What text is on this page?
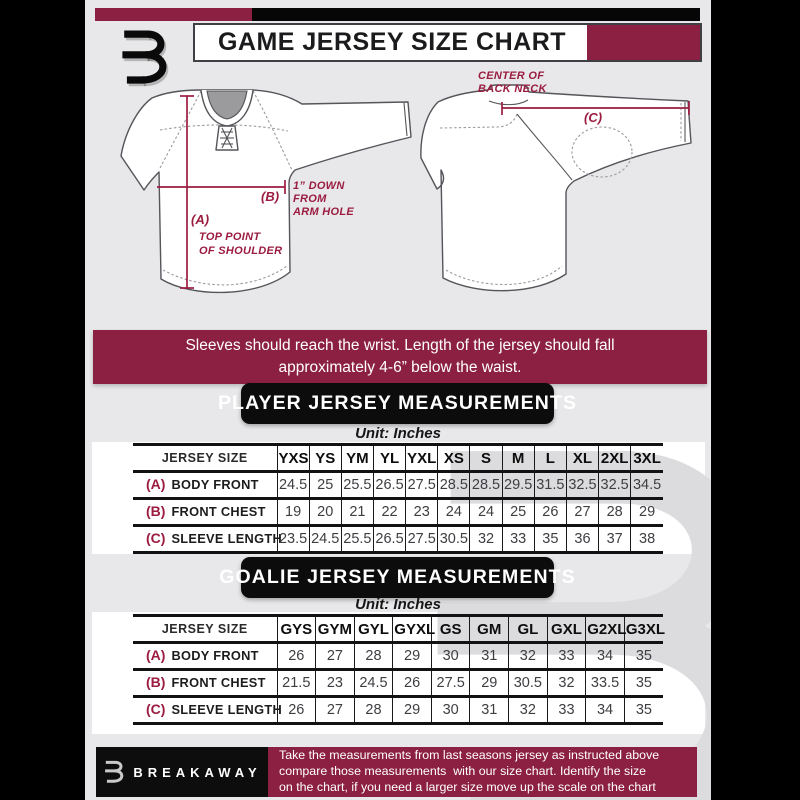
GAME JERSEY SIZE CHART
(A)
TOP POINT
OF SHOULDER
(B)
1” DOWN
FROM
ARM HOLE
(C)
CENTER OF
BACK NECK
Sleeves should reach the wrist. Length of the jersey should fall
approximately 4-6” below the waist.
PLAYER JERSEY MEASUREMENTS
Unit: Inches
JERSEY SIZE	YXS	YS	YM	YL	YXL	XS	S	M	L	XL	2XL	3XL
(A) BODY FRONT	24.5	25	25.5	26.5	27.5	28.5	28.5	29.5	31.5	32.5	32.5	34.5
(B) FRONT CHEST	19	20	21	22	23	24	24	25	26	27	28	29
(C) SLEEVE LENGTH	23.5	24.5	25.5	26.5	27.5	30.5	32	33	35	36	37	38
GOALIE JERSEY MEASUREMENTS
Unit: Inches
JERSEY SIZE	GYS	GYM	GYL	GYXL	GS	GM	GL	GXL	G2XL	G3XL
(A) BODY FRONT	26	27	28	29	30	31	32	33	34	35
(B) FRONT CHEST	21.5	23	24.5	26	27.5	29	30.5	32	33.5	35
(C) SLEEVE LENGTH	26	27	28	29	30	31	32	33	34	35
BREAKAWAY
Take the measurements from last seasons jersey as instructed above
compare those measurements  with our size chart. Identify the size
on the chart, if you need a larger size move up the scale on the chart
